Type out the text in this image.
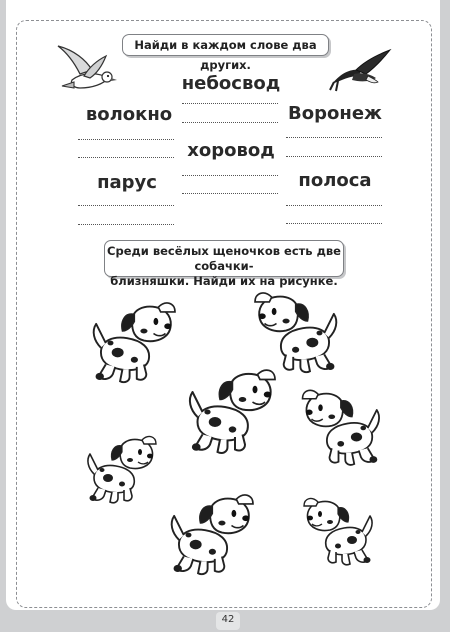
Найди в каждом слове два других.
небосвод
волокно	Воронеж
хоровод
парус	полоса
Среди весёлых щеночков есть две собачки-
близняшки. Найди их на рисунке.
42
